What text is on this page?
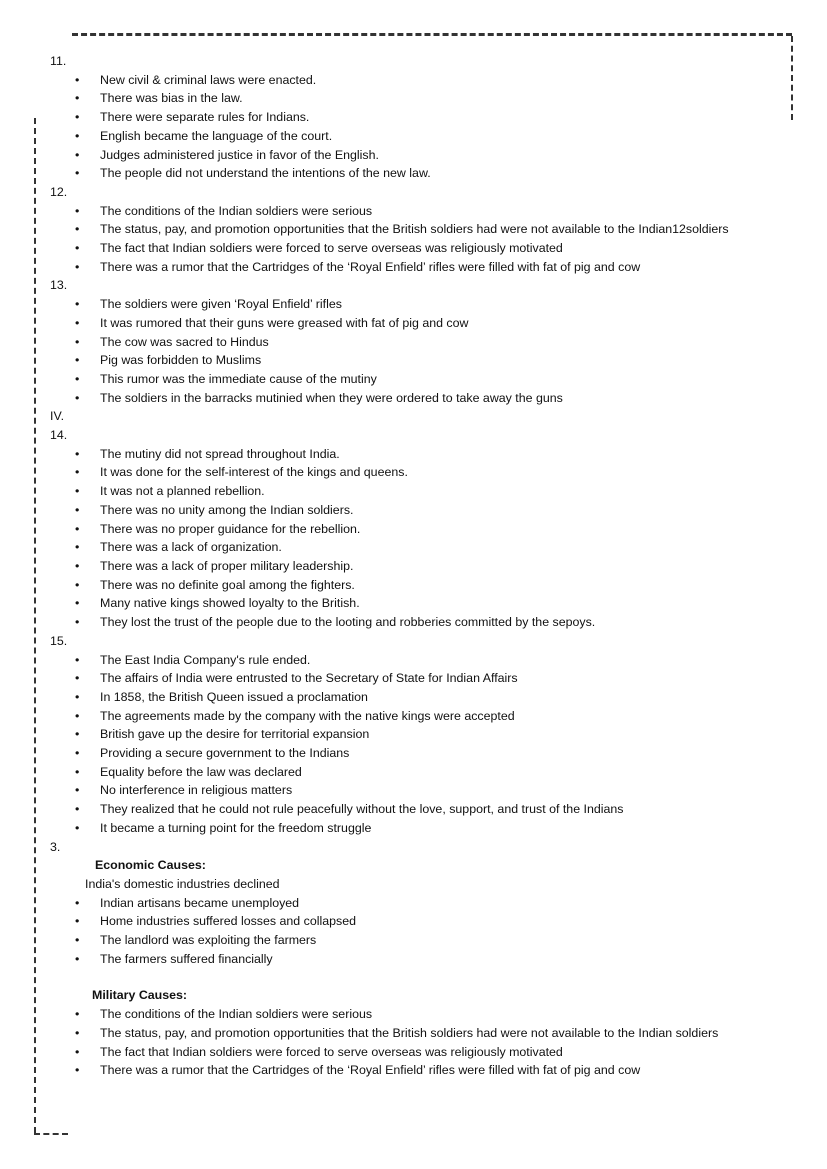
11.

• New civil & criminal laws were enacted.
• There was bias in the law.
• There were separate rules for Indians.
• English became the language of the court.
• Judges administered justice in favor of the English.
• The people did not understand the intentions of the new law.

12.

• The conditions of the Indian soldiers were serious
• The status, pay, and promotion opportunities that the British soldiers had were not available to the Indian12soldiers
• The fact that Indian soldiers were forced to serve overseas was religiously motivated
• There was a rumor that the Cartridges of the ‘Royal Enfield’ rifles were filled with fat of pig and cow

13.

• The soldiers were given ‘Royal Enfield’ rifles
• It was rumored that their guns were greased with fat of pig and cow
• The cow was sacred to Hindus
• Pig was forbidden to Muslims
• This rumor was the immediate cause of the mutiny
• The soldiers in the barracks mutinied when they were ordered to take away the guns

IV.

14.

• The mutiny did not spread throughout India.
• It was done for the self-interest of the kings and queens.
• It was not a planned rebellion.
• There was no unity among the Indian soldiers.
• There was no proper guidance for the rebellion.
• There was a lack of organization.
• There was a lack of proper military leadership.
• There was no definite goal among the fighters.
• Many native kings showed loyalty to the British.
• They lost the trust of the people due to the looting and robberies committed by the sepoys.

15.

• The East India Company's rule ended.
• The affairs of India were entrusted to the Secretary of State for Indian Affairs
• In 1858, the British Queen issued a proclamation
• The agreements made by the company with the native kings were accepted
• British gave up the desire for territorial expansion
• Providing a secure government to the Indians
• Equality before the law was declared
• No interference in religious matters
• They realized that he could not rule peacefully without the love, support, and trust of the Indians
• It became a turning point for the freedom struggle

3.

Economic Causes:

India's domestic industries declined

• Indian artisans became unemployed
• Home industries suffered losses and collapsed
• The landlord was exploiting the farmers
• The farmers suffered financially

Military Causes:

• The conditions of the Indian soldiers were serious
• The status, pay, and promotion opportunities that the British soldiers had were not available to the Indian soldiers
• The fact that Indian soldiers were forced to serve overseas was religiously motivated
• There was a rumor that the Cartridges of the ‘Royal Enfield’ rifles were filled with fat of pig and cow
